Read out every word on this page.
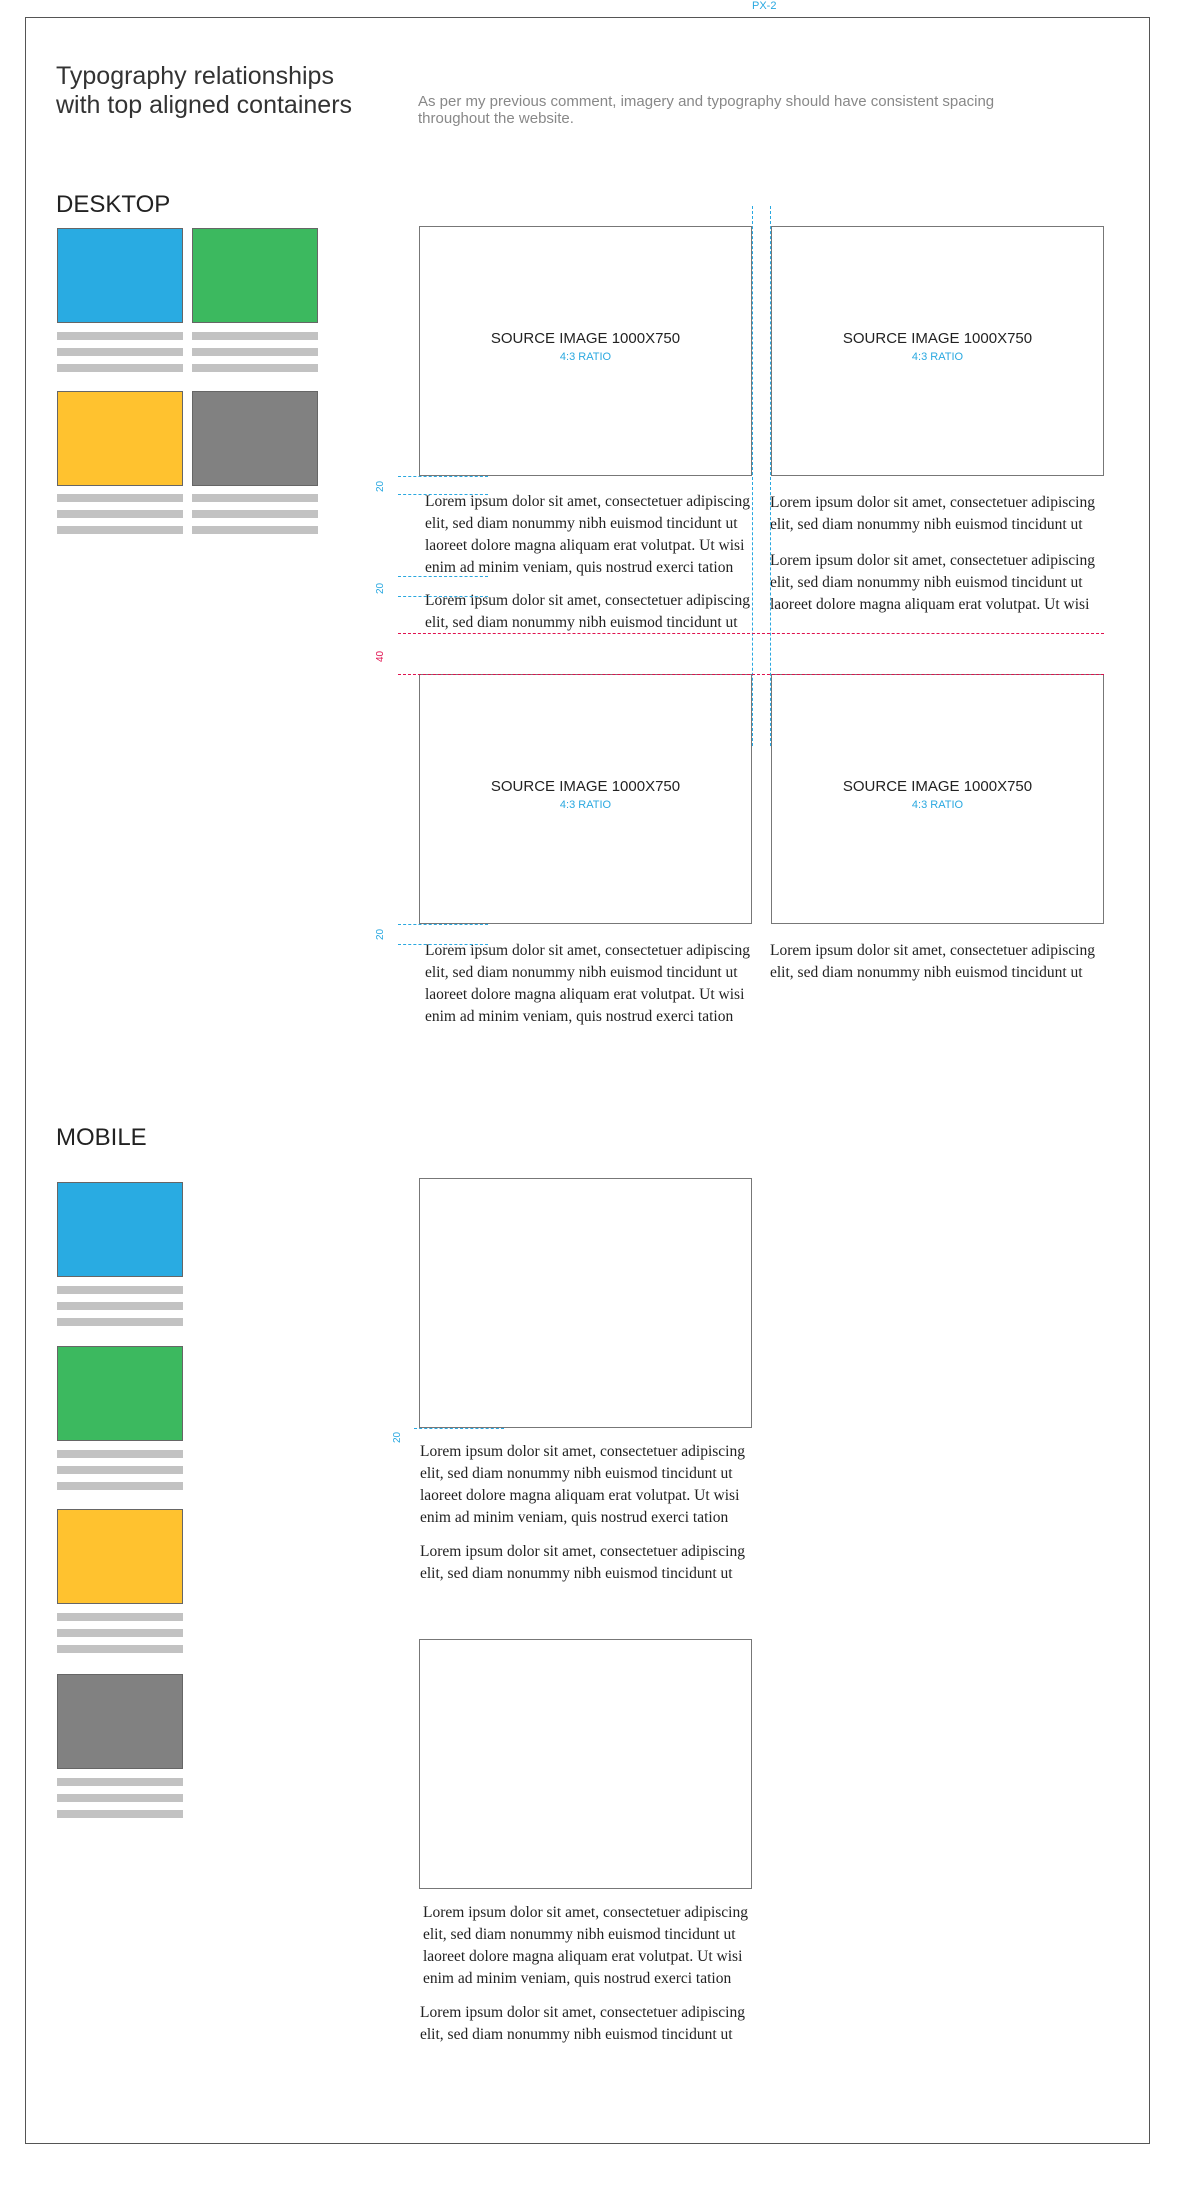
PX-2
Typography relationships with top aligned containers	As per my previous comment, imagery and typography should have consistent spacing throughout the website.
DESKTOP
SOURCE IMAGE 1000X750
4:3 RATIO
SOURCE IMAGE 1000X750
4:3 RATIO
SOURCE IMAGE 1000X750
4:3 RATIO
SOURCE IMAGE 1000X750
4:3 RATIO
Lorem ipsum dolor sit amet, consectetuer adipiscing elit, sed diam nonummy nibh euismod tincidunt ut laoreet dolore magna aliquam erat volutpat. Ut wisi enim ad minim veniam, quis nostrud exerci tation
Lorem ipsum dolor sit amet, consectetuer adipiscing elit, sed diam nonummy nibh euismod tincidunt ut
Lorem ipsum dolor sit amet, consectetuer adipiscing elit, sed diam nonummy nibh euismod tincidunt ut
Lorem ipsum dolor sit amet, consectetuer adipiscing elit, sed diam nonummy nibh euismod tincidunt ut laoreet dolore magna aliquam erat volutpat. Ut wisi
Lorem ipsum dolor sit amet, consectetuer adipiscing elit, sed diam nonummy nibh euismod tincidunt ut laoreet dolore magna aliquam erat volutpat. Ut wisi enim ad minim veniam, quis nostrud exerci tation
Lorem ipsum dolor sit amet, consectetuer adipiscing elit, sed diam nonummy nibh euismod tincidunt ut
20
20
40
20
MOBILE
20
Lorem ipsum dolor sit amet, consectetuer adipiscing elit, sed diam nonummy nibh euismod tincidunt ut laoreet dolore magna aliquam erat volutpat. Ut wisi enim ad minim veniam, quis nostrud exerci tation
Lorem ipsum dolor sit amet, consectetuer adipiscing elit, sed diam nonummy nibh euismod tincidunt ut
Lorem ipsum dolor sit amet, consectetuer adipiscing elit, sed diam nonummy nibh euismod tincidunt ut laoreet dolore magna aliquam erat volutpat. Ut wisi enim ad minim veniam, quis nostrud exerci tation
Lorem ipsum dolor sit amet, consectetuer adipiscing elit, sed diam nonummy nibh euismod tincidunt ut
